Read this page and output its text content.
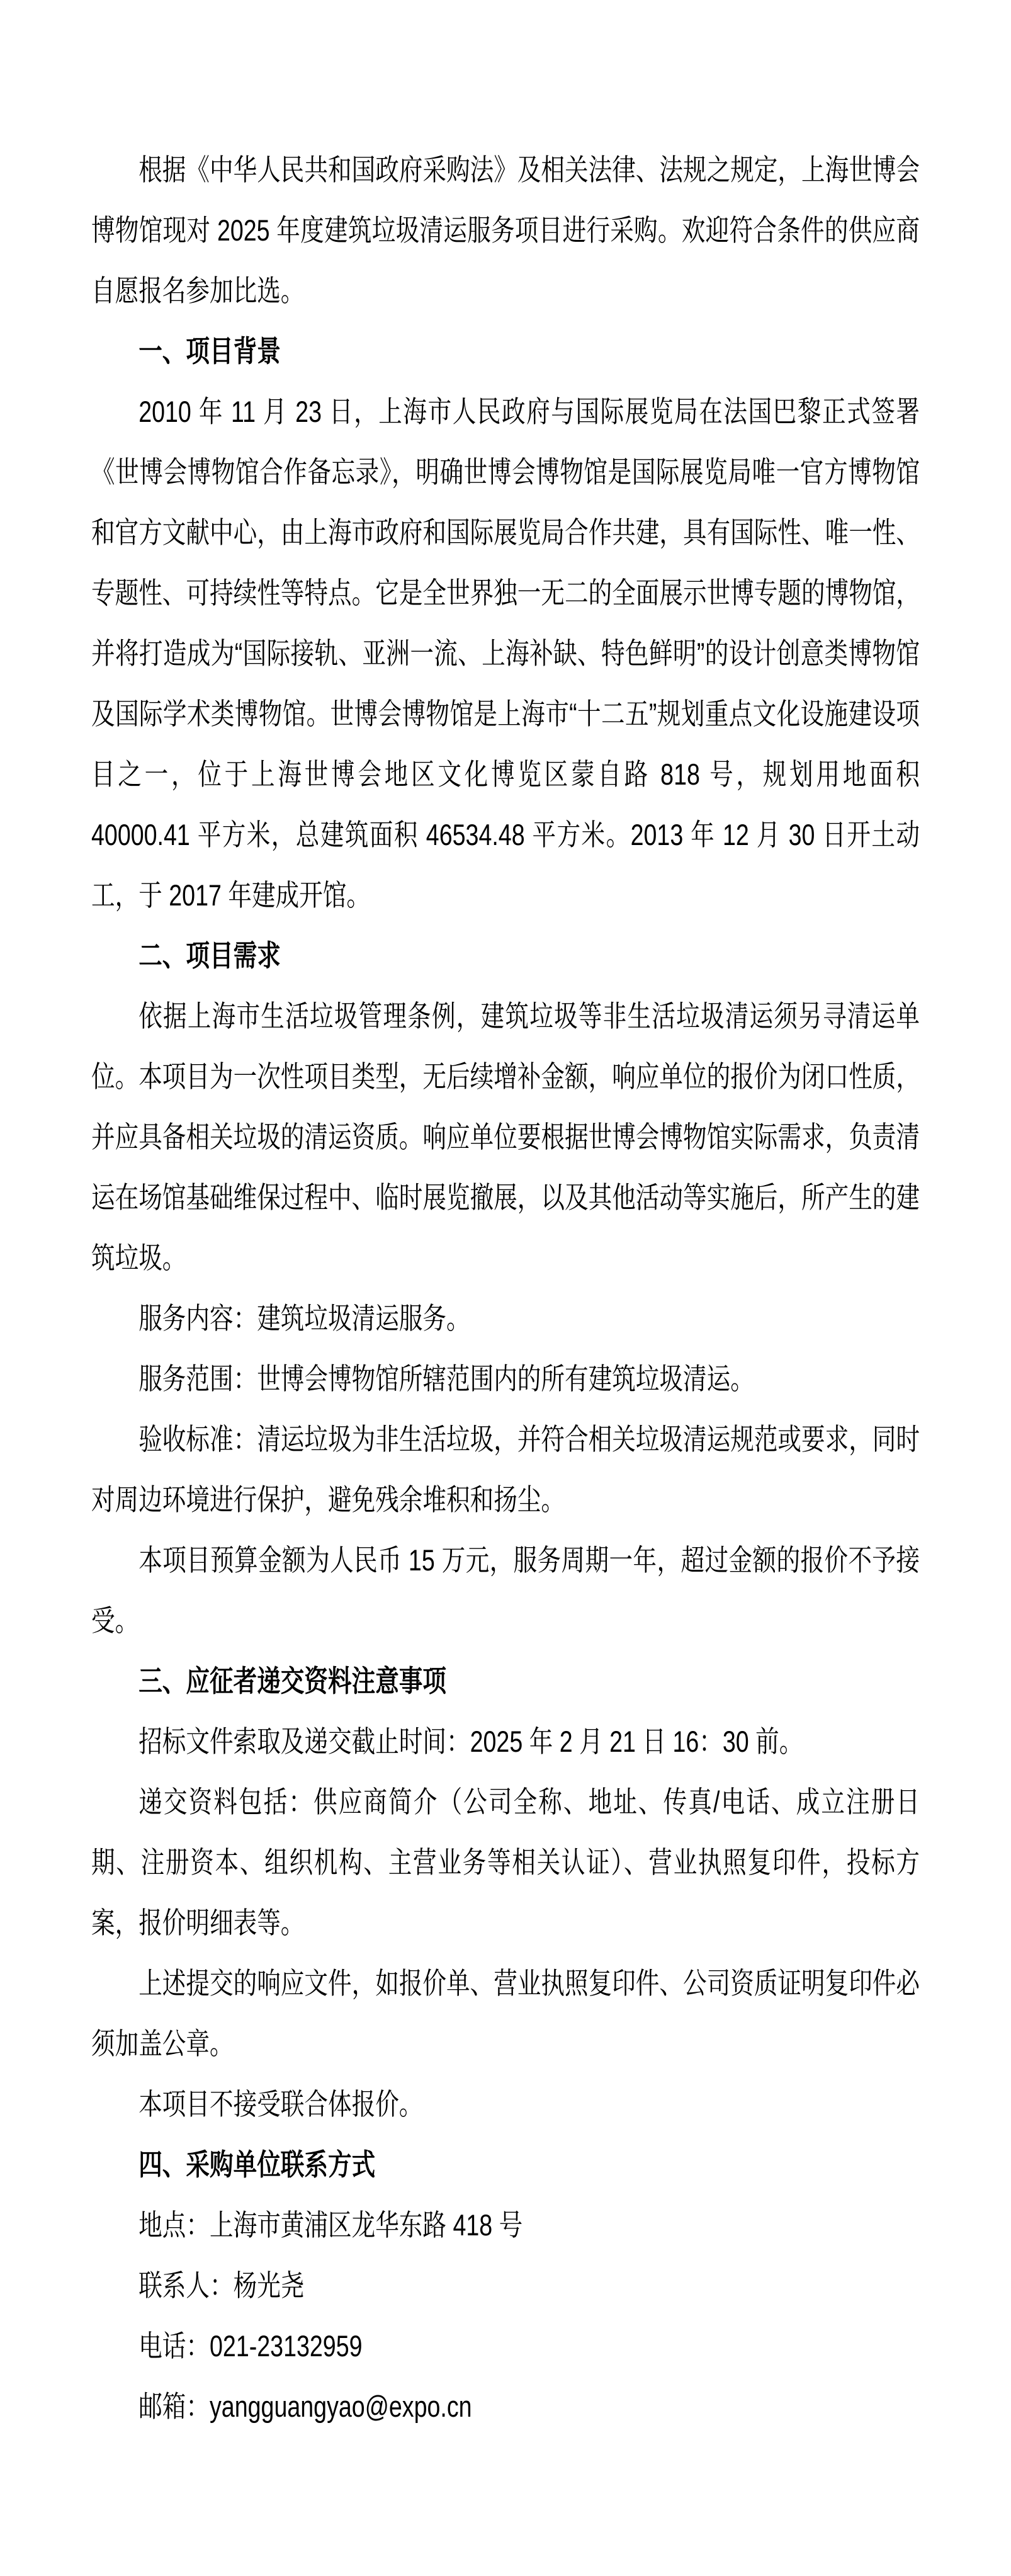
根据《中华人民共和国政府采购法》及相关法律、法规之规定，上海世博会博物馆现对 2025 年度建筑垃圾清运服务项目进行采购。欢迎符合条件的供应商自愿报名参加比选。

一、项目背景

2010 年 11 月 23 日，上海市人民政府与国际展览局在法国巴黎正式签署《世博会博物馆合作备忘录》，明确世博会博物馆是国际展览局唯一官方博物馆和官方文献中心，由上海市政府和国际展览局合作共建，具有国际性、唯一性、专题性、可持续性等特点。它是全世界独一无二的全面展示世博专题的博物馆，并将打造成为“国际接轨、亚洲一流、上海补缺、特色鲜明”的设计创意类博物馆及国际学术类博物馆。世博会博物馆是上海市“十二五”规划重点文化设施建设项目之一，位于上海世博会地区文化博览区蒙自路 818 号，规划用地面积 40000.41 平方米，总建筑面积 46534.48 平方米。2013 年 12 月 30 日开土动工，于 2017 年建成开馆。

二、项目需求

依据上海市生活垃圾管理条例，建筑垃圾等非生活垃圾清运须另寻清运单位。本项目为一次性项目类型，无后续增补金额，响应单位的报价为闭口性质，并应具备相关垃圾的清运资质。响应单位要根据世博会博物馆实际需求，负责清运在场馆基础维保过程中、临时展览撤展，以及其他活动等实施后，所产生的建筑垃圾。

服务内容：建筑垃圾清运服务。

服务范围：世博会博物馆所辖范围内的所有建筑垃圾清运。

验收标准：清运垃圾为非生活垃圾，并符合相关垃圾清运规范或要求，同时对周边环境进行保护，避免残余堆积和扬尘。

本项目预算金额为人民币 15 万元，服务周期一年，超过金额的报价不予接受。

三、应征者递交资料注意事项

招标文件索取及递交截止时间：2025 年 2 月 21 日 16：30 前。

递交资料包括：供应商简介（公司全称、地址、传真/电话、成立注册日期、注册资本、组织机构、主营业务等相关认证）、营业执照复印件，投标方案，报价明细表等。

上述提交的响应文件，如报价单、营业执照复印件、公司资质证明复印件必须加盖公章。

本项目不接受联合体报价。

四、采购单位联系方式

地点：上海市黄浦区龙华东路 418 号

联系人：杨光尧

电话：021-23132959

邮箱：yangguangyao@expo.cn
